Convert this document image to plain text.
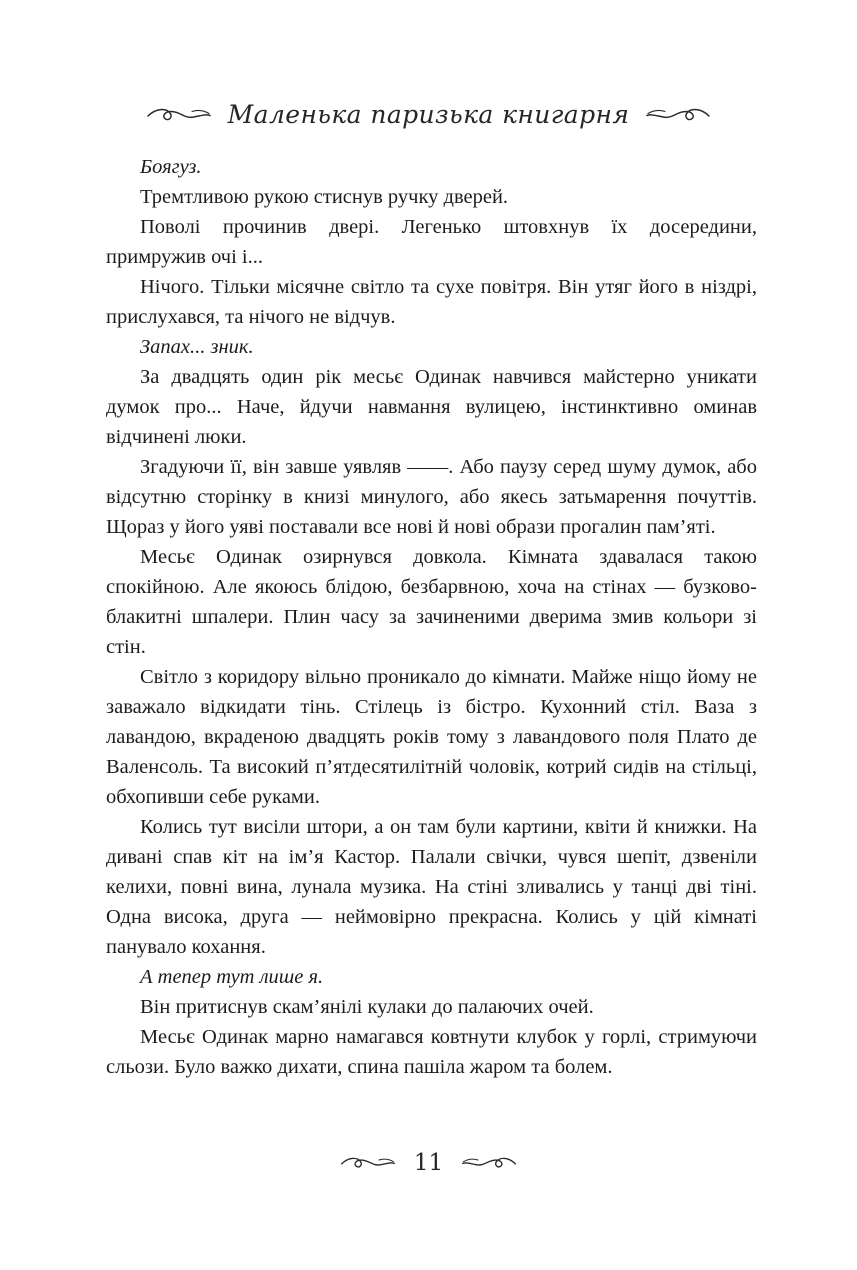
Маленька паризька книгарня

Боягуз.

Тремтливою рукою стиснув ручку дверей.

Поволі прочинив двері. Легенько штовхнув їх досередини, примружив очі і...

Нічого. Тільки місячне світло та сухе повітря. Він утяг його в ніздрі, прислухався, та нічого не відчув.

Запах... зник.

За двадцять один рік месьє Одинак навчився майстерно уникати думок про... Наче, йдучи навмання вулицею, інстинктивно оминав відчинені люки.

Згадуючи її, він завше уявляв ——. Або паузу серед шуму думок, або відсутню сторінку в книзі минулого, або якесь затьмарення почуттів. Щораз у його уяві поставали все нові й нові образи прогалин пам’яті.

Месьє Одинак озирнувся довкола. Кімната здавалася такою спокійною. Але якоюсь блідою, безбарвною, хоча на стінах — бузково-блакитні шпалери. Плин часу за зачиненими дверима змив кольори зі стін.

Світло з коридору вільно проникало до кімнати. Майже ніщо йому не заважало відкидати тінь. Стілець із бістро. Кухонний стіл. Ваза з лавандою, вкраденою двадцять років тому з лавандового поля Плато де Валенсоль. Та високий п’ятдесятилітній чоловік, котрий сидів на стільці, обхопивши себе руками.

Колись тут висіли штори, а он там були картини, квіти й книжки. На дивані спав кіт на ім’я Кастор. Палали свічки, чувся шепіт, дзвеніли келихи, повні вина, лунала музика. На стіні зливались у танці дві тіні. Одна висока, друга — неймовірно прекрасна. Колись у цій кімнаті панувало кохання.

А тепер тут лише я.

Він притиснув скам’янілі кулаки до палаючих очей.

Месьє Одинак марно намагався ковтнути клубок у горлі, стримуючи сльози. Було важко дихати, спина пашіла жаром та болем.

11
